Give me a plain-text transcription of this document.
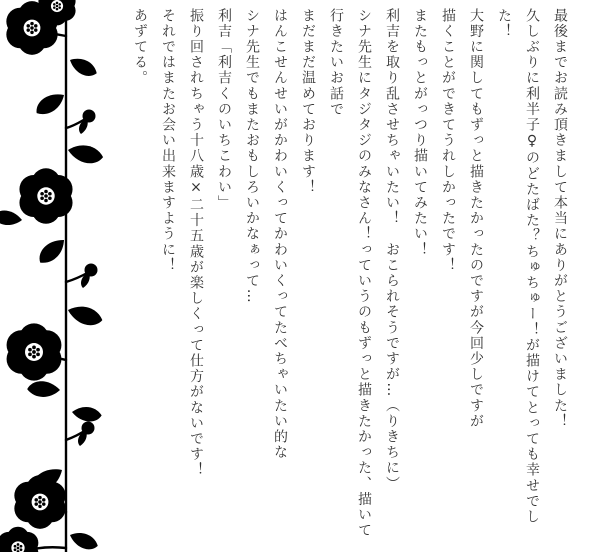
最後までお読み頂きまして本当にありがとうございました！

久しぶりに利半子♀のどたばた？ちゅちゅー！が描けてとっても幸せでした！

大野に関してもずっと描きたかったのですが今回少しですが

描くことができてうれしかったです！

またもっとがっつり描いてみたい！

利吉を取り乱させちゃいたい！　おこられそうですが…（りきちに）

シナ先生にタジタジのみなさん！っていうのもずっと描きたかった、描いて行きたいお話で

まだまだ温めております！

はんこせんせいがかわいくってかわいくってたべちゃいたい的な

シナ先生でもまたおもしろいかなぁって…

利吉「利吉くのいちこわい」

振り回されちゃう十八歳×二十五歳が楽しくって仕方がないです！

それではまたお会い出来ますように！

あずてる。
